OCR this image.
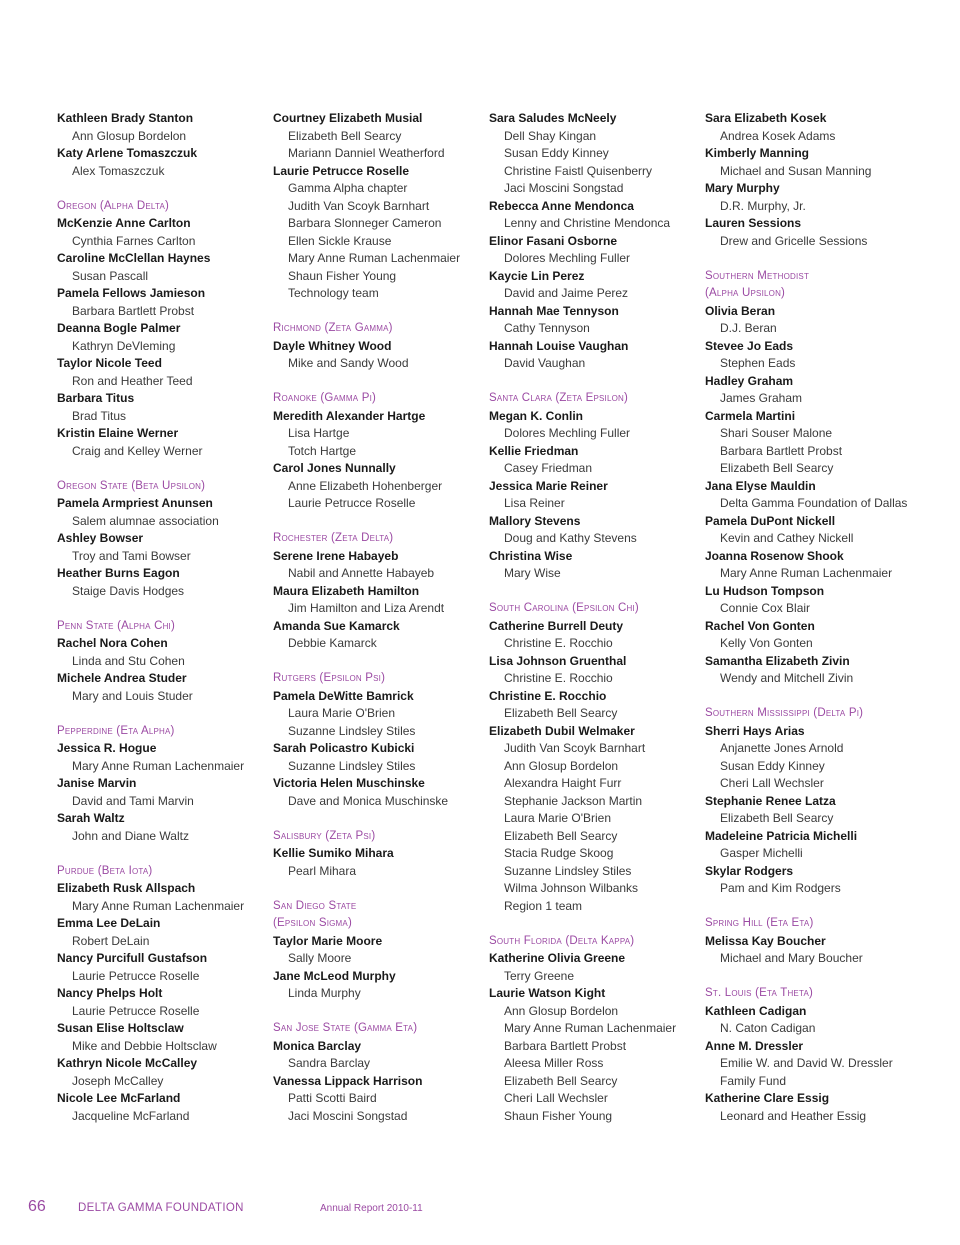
Kathleen Brady Stanton
Ann Glosup Bordelon
Katy Arlene Tomaszczuk
Alex Tomaszczuk
Oregon (Alpha Delta)
McKenzie Anne Carlton
Cynthia Farnes Carlton
Caroline McClellan Haynes
Susan Pascall
Pamela Fellows Jamieson
Barbara Bartlett Probst
Deanna Bogle Palmer
Kathryn DeVleming
Taylor Nicole Teed
Ron and Heather Teed
Barbara Titus
Brad Titus
Kristin Elaine Werner
Craig and Kelley Werner
Oregon State (Beta Upsilon)
Pamela Armpriest Anunsen
Salem alumnae association
Ashley Bowser
Troy and Tami Bowser
Heather Burns Eagon
Staige Davis Hodges
Penn State (Alpha Chi)
Rachel Nora Cohen
Linda and Stu Cohen
Michele Andrea Studer
Mary and Louis Studer
Pepperdine (Eta Alpha)
Jessica R. Hogue
Mary Anne Ruman Lachenmaier
Janise Marvin
David and Tami Marvin
Sarah Waltz
John and Diane Waltz
Purdue (Beta Iota)
Elizabeth Rusk Allspach
Mary Anne Ruman Lachenmaier
Emma Lee DeLain
Robert DeLain
Nancy Purcifull Gustafson
Laurie Petrucce Roselle
Nancy Phelps Holt
Laurie Petrucce Roselle
Susan Elise Holtsclaw
Mike and Debbie Holtsclaw
Kathryn Nicole McCalley
Joseph McCalley
Nicole Lee McFarland
Jacqueline McFarland
Courtney Elizabeth Musial
Elizabeth Bell Searcy
Mariann Danniel Weatherford
Laurie Petrucce Roselle
Gamma Alpha chapter
Judith Van Scoyk Barnhart
Barbara Slonneger Cameron
Ellen Sickle Krause
Mary Anne Ruman Lachenmaier
Shaun Fisher Young
Technology team
Richmond (Zeta Gamma)
Dayle Whitney Wood
Mike and Sandy Wood
Roanoke (Gamma Pi)
Meredith Alexander Hartge
Lisa Hartge
Totch Hartge
Carol Jones Nunnally
Anne Elizabeth Hohenberger
Laurie Petrucce Roselle
Rochester (Zeta Delta)
Serene Irene Habayeb
Nabil and Annette Habayeb
Maura Elizabeth Hamilton
Jim Hamilton and Liza Arendt
Amanda Sue Kamarck
Debbie Kamarck
Rutgers (Epsilon Psi)
Pamela DeWitte Bamrick
Laura Marie O'Brien
Suzanne Lindsley Stiles
Sarah Policastro Kubicki
Suzanne Lindsley Stiles
Victoria Helen Muschinske
Dave and Monica Muschinske
Salisbury (Zeta Psi)
Kellie Sumiko Mihara
Pearl Mihara
San Diego State
(Epsilon Sigma)
Taylor Marie Moore
Sally Moore
Jane McLeod Murphy
Linda Murphy
San Jose State (Gamma Eta)
Monica Barclay
Sandra Barclay
Vanessa Lippack Harrison
Patti Scotti Baird
Jaci Moscini Songstad
Sara Saludes McNeely
Dell Shay Kingan
Susan Eddy Kinney
Christine Faistl Quisenberry
Jaci Moscini Songstad
Rebecca Anne Mendonca
Lenny and Christine Mendonca
Elinor Fasani Osborne
Dolores Mechling Fuller
Kaycie Lin Perez
David and Jaime Perez
Hannah Mae Tennyson
Cathy Tennyson
Hannah Louise Vaughan
David Vaughan
Santa Clara (Zeta Epsilon)
Megan K. Conlin
Dolores Mechling Fuller
Kellie Friedman
Casey Friedman
Jessica Marie Reiner
Lisa Reiner
Mallory Stevens
Doug and Kathy Stevens
Christina Wise
Mary Wise
South Carolina (Epsilon Chi)
Catherine Burrell Deuty
Christine E. Rocchio
Lisa Johnson Gruenthal
Christine E. Rocchio
Christine E. Rocchio
Elizabeth Bell Searcy
Elizabeth Dubil Welmaker
Judith Van Scoyk Barnhart
Ann Glosup Bordelon
Alexandra Haight Furr
Stephanie Jackson Martin
Laura Marie O'Brien
Elizabeth Bell Searcy
Stacia Rudge Skoog
Suzanne Lindsley Stiles
Wilma Johnson Wilbanks
Region 1 team
South Florida (Delta Kappa)
Katherine Olivia Greene
Terry Greene
Laurie Watson Kight
Ann Glosup Bordelon
Mary Anne Ruman Lachenmaier
Barbara Bartlett Probst
Aleesa Miller Ross
Elizabeth Bell Searcy
Cheri Lall Wechsler
Shaun Fisher Young
Sara Elizabeth Kosek
Andrea Kosek Adams
Kimberly Manning
Michael and Susan Manning
Mary Murphy
D.R. Murphy, Jr.
Lauren Sessions
Drew and Gricelle Sessions
Southern Methodist
(Alpha Upsilon)
Olivia Beran
D.J. Beran
Stevee Jo Eads
Stephen Eads
Hadley Graham
James Graham
Carmela Martini
Shari Souser Malone
Barbara Bartlett Probst
Elizabeth Bell Searcy
Jana Elyse Mauldin
Delta Gamma Foundation of Dallas
Pamela DuPont Nickell
Kevin and Cathey Nickell
Joanna Rosenow Shook
Mary Anne Ruman Lachenmaier
Lu Hudson Tompson
Connie Cox Blair
Rachel Von Gonten
Kelly Von Gonten
Samantha Elizabeth Zivin
Wendy and Mitchell Zivin
Southern Mississippi (Delta Pi)
Sherri Hays Arias
Anjanette Jones Arnold
Susan Eddy Kinney
Cheri Lall Wechsler
Stephanie Renee Latza
Elizabeth Bell Searcy
Madeleine Patricia Michelli
Gasper Michelli
Skylar Rodgers
Pam and Kim Rodgers
Spring Hill (Eta Eta)
Melissa Kay Boucher
Michael and Mary Boucher
St. Louis (Eta Theta)
Kathleen Cadigan
N. Caton Cadigan
Anne M. Dressler
Emilie W. and David W. Dressler Family Fund
Katherine Clare Essig
Leonard and Heather Essig
66	DELTA GAMMA FOUNDATION	Annual Report 2010-11
